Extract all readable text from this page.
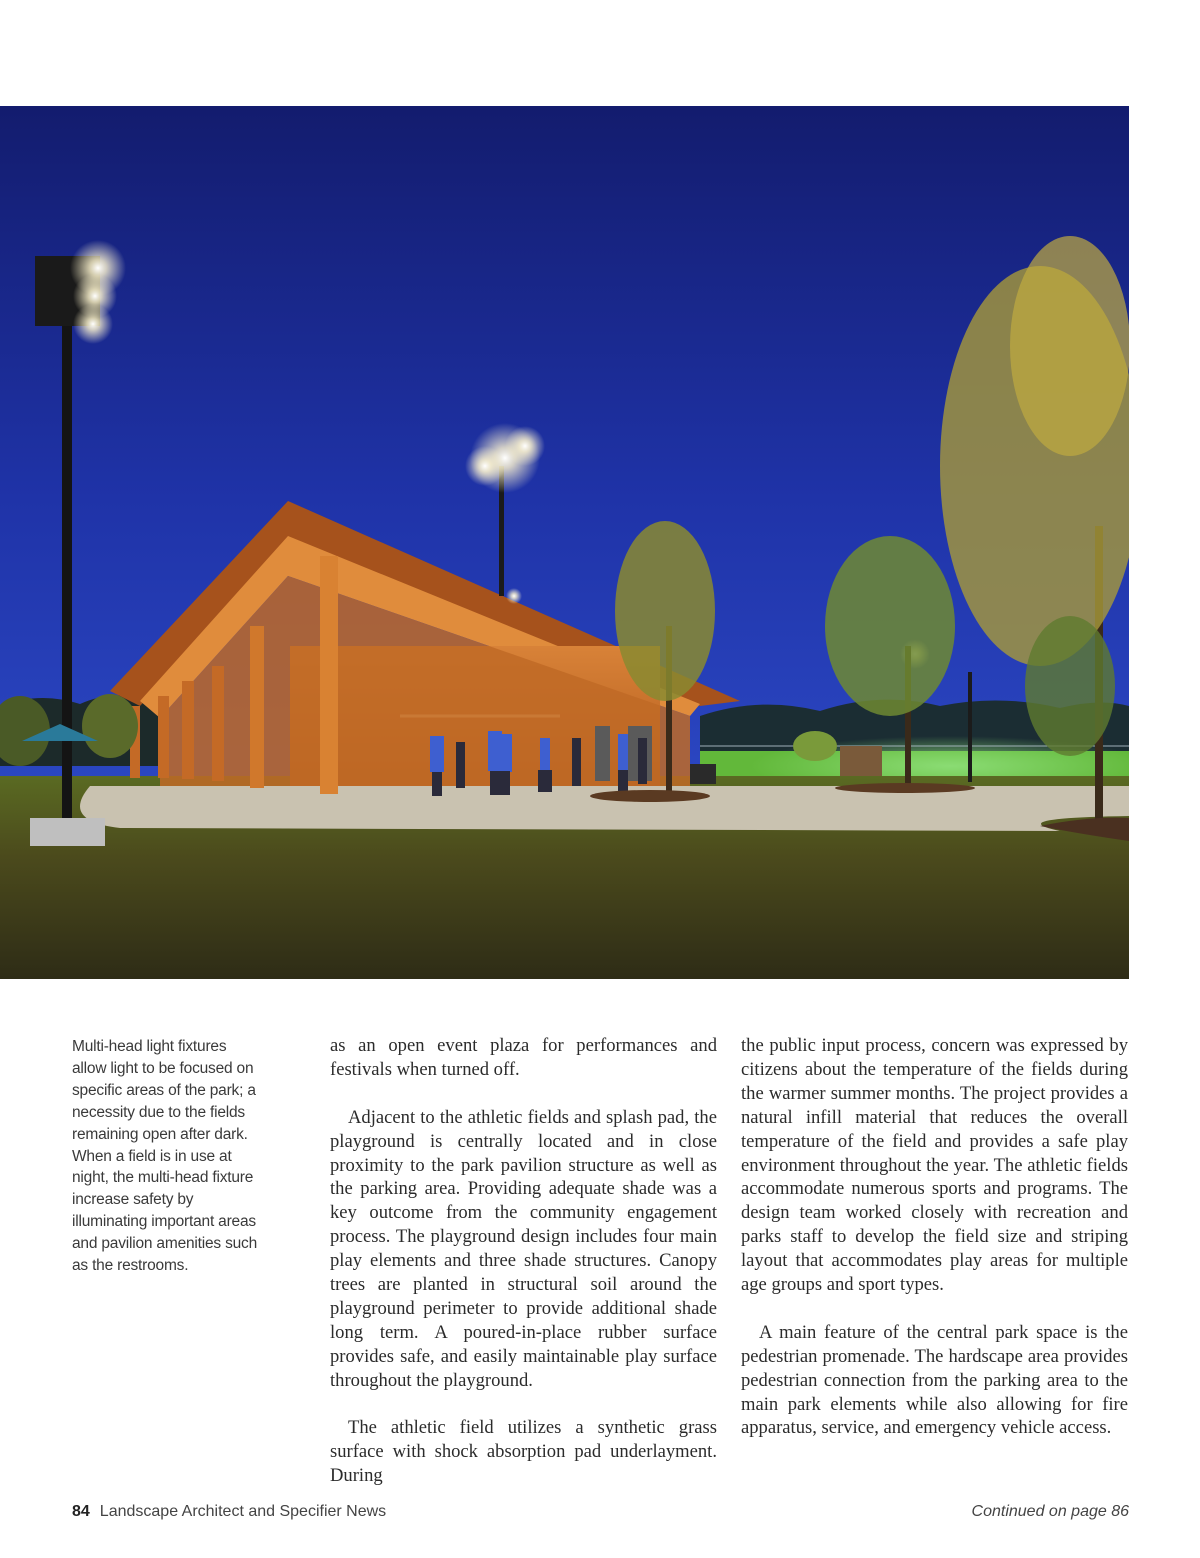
Multi-head light fixtures allow light to be focused on specific areas of the park; a necessity due to the fields remaining open after dark. When a field is in use at night, the multi-head fixture increase safety by illuminating important areas and pavilion amenities such as the restrooms.

as an open event plaza for performances and festivals when turned off.

Adjacent to the athletic fields and splash pad, the playground is centrally located and in close proximity to the park pavilion structure as well as the parking area. Providing adequate shade was a key outcome from the community engagement process. The playground design includes four main play elements and three shade structures. Canopy trees are planted in structural soil around the playground perimeter to provide additional shade long term. A poured-in-place rubber surface provides safe, and easily maintainable play surface throughout the playground.

The athletic field utilizes a synthetic grass surface with shock absorption pad underlayment. During

the public input process, concern was expressed by citizens about the temperature of the fields during the warmer summer months. The project provides a natural infill material that reduces the overall temperature of the field and provides a safe play environment throughout the year. The athletic fields accommodate numerous sports and programs. The design team worked closely with recreation and parks staff to develop the field size and striping layout that accommodates play areas for multiple age groups and sport types.

A main feature of the central park space is the pedestrian promenade. The hardscape area provides pedestrian connection from the parking area to the main park elements while also allowing for fire apparatus, service, and emergency vehicle access.

84 Landscape Architect and Specifier News	Continued on page 86
